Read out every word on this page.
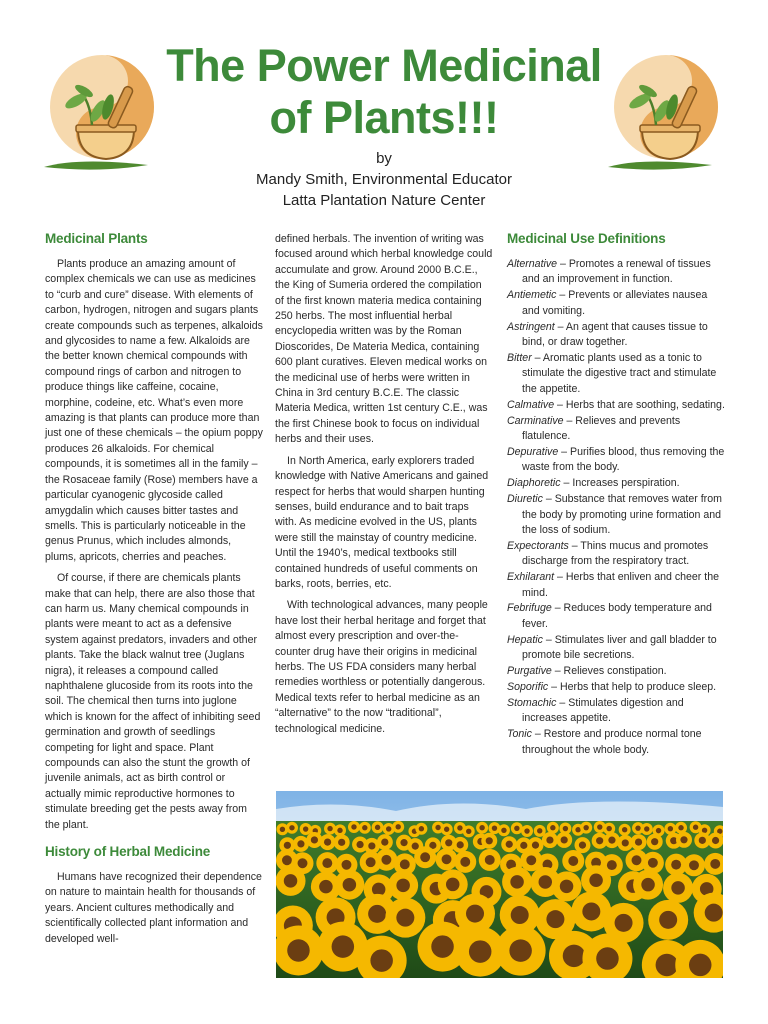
The Power Medicinal
of Plants!!!
by
Mandy Smith, Environmental Educator
Latta Plantation Nature Center
Medicinal Plants

Plants produce an amazing amount of complex chemicals we can use as medicines to “curb and cure” disease. With elements of carbon, hydrogen, nitrogen and sugars plants create compounds such as terpenes, alkaloids and glycosides to name a few. Alkaloids are the better known chemical compounds with compound rings of carbon and nitrogen to produce things like caffeine, cocaine, morphine, codeine, etc. What’s even more amazing is that plants can produce more than just one of these chemicals – the opium poppy produces 26 alkaloids. For chemical compounds, it is sometimes all in the family – the Rosaceae family (Rose) members have a particular cyanogenic glycoside called amygdalin which causes bitter tastes and smells. This is particularly noticeable in the genus Prunus, which includes almonds, plums, apricots, cherries and peaches.

Of course, if there are chemicals plants make that can help, there are also those that can harm us. Many chemical compounds in plants were meant to act as a defensive system against predators, invaders and other plants. Take the black walnut tree (Juglans nigra), it releases a compound called naphthalene glucoside from its roots into the soil. The chemical then turns into juglone which is known for the affect of inhibiting seed germination and growth of seedlings competing for light and space. Plant compounds can also the stunt the growth of juvenile animals, act as birth control or actually mimic reproductive hormones to stimulate breeding get the pests away from the plant.

History of Herbal Medicine

Humans have recognized their dependence on nature to maintain health for thousands of years. Ancient cultures methodically and scientifically collected plant information and developed well-

defined herbals. The invention of writing was focused around which herbal knowledge could accumulate and grow. Around 2000 B.C.E., the King of Sumeria ordered the compilation of the first known materia medica containing 250 herbs. The most influential herbal encyclopedia written was by the Roman Dioscorides, De Materia Medica, containing 600 plant curatives. Eleven medical works on the medicinal use of herbs were written in China in 3rd century B.C.E. The classic Materia Medica, written 1st century C.E., was the first Chinese book to focus on individual herbs and their uses.

In North America, early explorers traded knowledge with Native Americans and gained respect for herbs that would sharpen hunting senses, build endurance and to bait traps with. As medicine evolved in the US, plants were still the mainstay of country medicine. Until the 1940’s, medical textbooks still contained hundreds of useful comments on barks, roots, berries, etc.

With technological advances, many people have lost their herbal heritage and forget that almost every prescription and over-the-counter drug have their origins in medicinal herbs. The US FDA considers many herbal remedies worthless or potentially dangerous. Medical texts refer to herbal medicine as an “alternative” to the now “traditional”, technological medicine.

Medicinal Use Definitions
Alternative – Promotes a renewal of tissues and an improvement in function.
Antiemetic – Prevents or alleviates nausea and vomiting.
Astringent – An agent that causes tissue to bind, or draw together.
Bitter – Aromatic plants used as a tonic to stimulate the digestive tract and stimulate the appetite.
Calmative – Herbs that are soothing, sedating.
Carminative – Relieves and prevents flatulence.
Depurative – Purifies blood, thus removing the waste from the body.
Diaphoretic – Increases perspiration.
Diuretic – Substance that removes water from the body by promoting urine formation and the loss of sodium.
Expectorants – Thins mucus and promotes discharge from the respiratory tract.
Exhilarant – Herbs that enliven and cheer the mind.
Febrifuge – Reduces body temperature and fever.
Hepatic – Stimulates liver and gall bladder to promote bile secretions.
Purgative – Relieves constipation.
Soporific – Herbs that help to produce sleep.
Stomachic – Stimulates digestion and increases appetite.
Tonic – Restore and produce normal tone throughout the whole body.
